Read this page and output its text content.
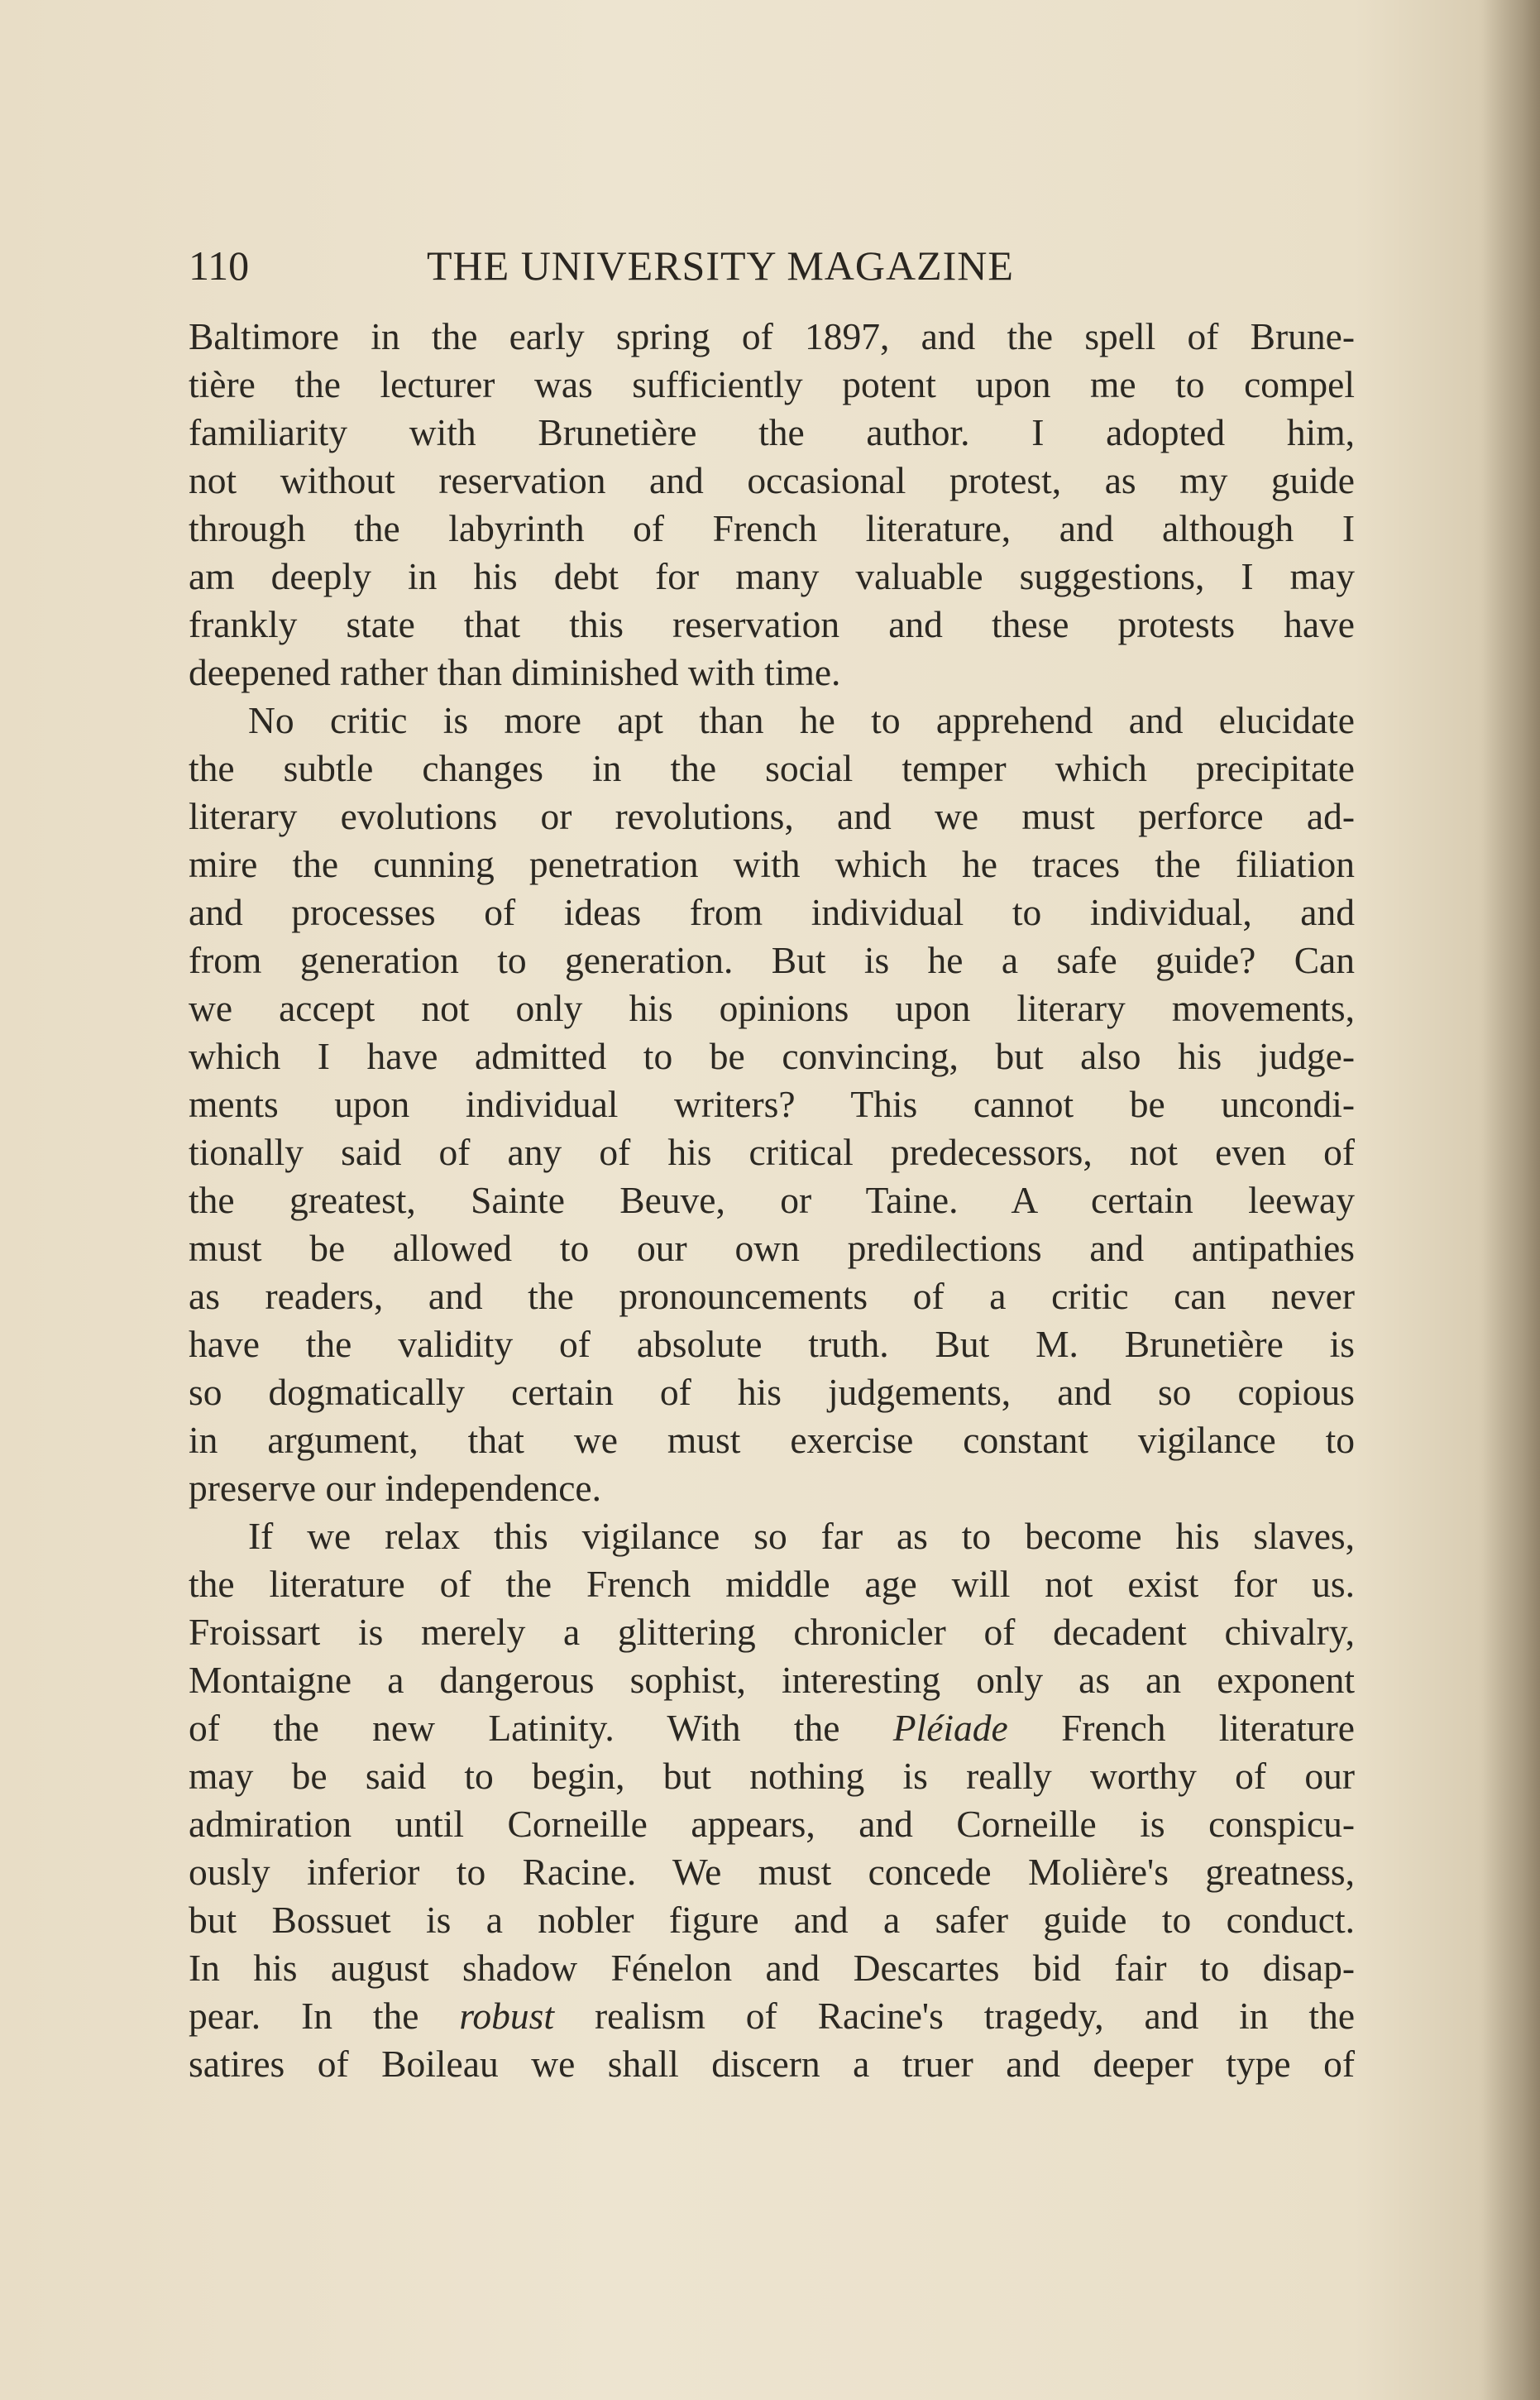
110	THE UNIVERSITY MAGAZINE
Baltimore in the early spring of 1897, and the spell of Brune-
tière the lecturer was sufficiently potent upon me to compel
familiarity with Brunetière the author. I adopted him,
not without reservation and occasional protest, as my guide
through the labyrinth of French literature, and although I
am deeply in his debt for many valuable suggestions, I may
frankly state that this reservation and these protests have
deepened rather than diminished with time.
No critic is more apt than he to apprehend and elucidate
the subtle changes in the social temper which precipitate
literary evolutions or revolutions, and we must perforce ad-
mire the cunning penetration with which he traces the filiation
and processes of ideas from individual to individual, and
from generation to generation. But is he a safe guide? Can
we accept not only his opinions upon literary movements,
which I have admitted to be convincing, but also his judge-
ments upon individual writers? This cannot be uncondi-
tionally said of any of his critical predecessors, not even of
the greatest, Sainte Beuve, or Taine. A certain leeway
must be allowed to our own predilections and antipathies
as readers, and the pronouncements of a critic can never
have the validity of absolute truth. But M. Brunetière is
so dogmatically certain of his judgements, and so copious
in argument, that we must exercise constant vigilance to
preserve our independence.
If we relax this vigilance so far as to become his slaves,
the literature of the French middle age will not exist for us.
Froissart is merely a glittering chronicler of decadent chivalry,
Montaigne a dangerous sophist, interesting only as an exponent
of the new Latinity. With the Pléiade French literature
may be said to begin, but nothing is really worthy of our
admiration until Corneille appears, and Corneille is conspicu-
ously inferior to Racine. We must concede Molière's greatness,
but Bossuet is a nobler figure and a safer guide to conduct.
In his august shadow Fénelon and Descartes bid fair to disap-
pear. In the robust realism of Racine's tragedy, and in the
satires of Boileau we shall discern a truer and deeper type of
